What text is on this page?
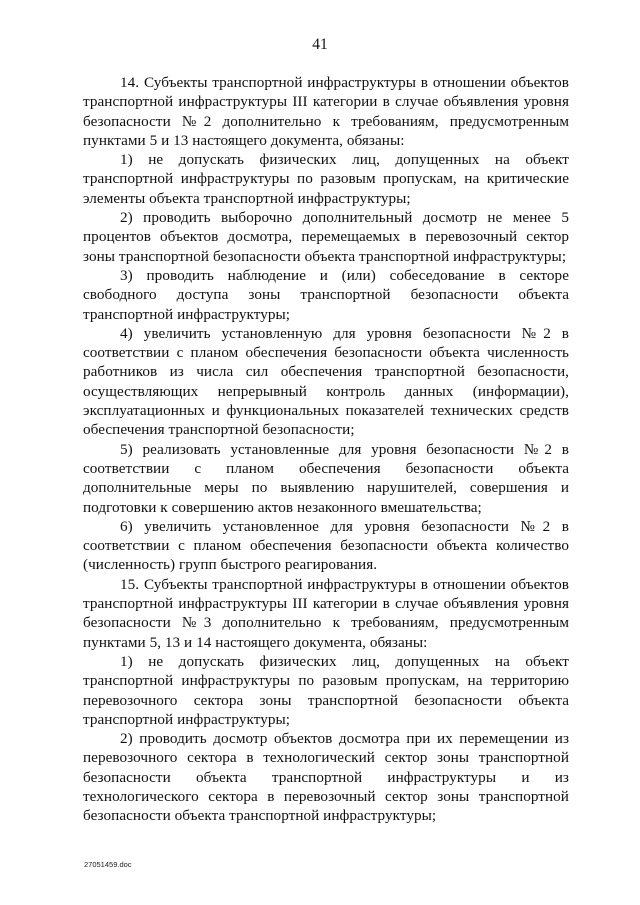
41

14. Субъекты транспортной инфраструктуры в отношении объектов транспортной инфраструктуры III категории в случае объявления уровня безопасности №2 дополнительно к требованиям, предусмотренным пунктами 5 и 13 настоящего документа, обязаны:

1) не допускать физических лиц, допущенных на объект транспортной инфраструктуры по разовым пропускам, на критические элементы объекта транспортной инфраструктуры;

2) проводить выборочно дополнительный досмотр не менее 5 процентов объектов досмотра, перемещаемых в перевозочный сектор зоны транспортной безопасности объекта транспортной инфраструктуры;

3) проводить наблюдение и (или) собеседование в секторе свободного доступа зоны транспортной безопасности объекта транспортной инфраструктуры;

4) увеличить установленную для уровня безопасности №2 в соответствии с планом обеспечения безопасности объекта численность работников из числа сил обеспечения транспортной безопасности, осуществляющих непрерывный контроль данных (информации), эксплуатационных и функциональных показателей технических средств обеспечения транспортной безопасности;

5) реализовать установленные для уровня безопасности №2 в соответствии с планом обеспечения безопасности объекта дополнительные меры по выявлению нарушителей, совершения и подготовки к совершению актов незаконного вмешательства;

6) увеличить установленное для уровня безопасности №2 в соответствии с планом обеспечения безопасности объекта количество (численность) групп быстрого реагирования.

15. Субъекты транспортной инфраструктуры в отношении объектов транспортной инфраструктуры III категории в случае объявления уровня безопасности №3 дополнительно к требованиям, предусмотренным пунктами 5, 13 и 14 настоящего документа, обязаны:

1) не допускать физических лиц, допущенных на объект транспортной инфраструктуры по разовым пропускам, на территорию перевозочного сектора зоны транспортной безопасности объекта транспортной инфраструктуры;

2) проводить досмотр объектов досмотра при их перемещении из перевозочного сектора в технологический сектор зоны транспортной безопасности объекта транспортной инфраструктуры и из технологического сектора в перевозочный сектор зоны транспортной безопасности объекта транспортной инфраструктуры;

27051459.doc
